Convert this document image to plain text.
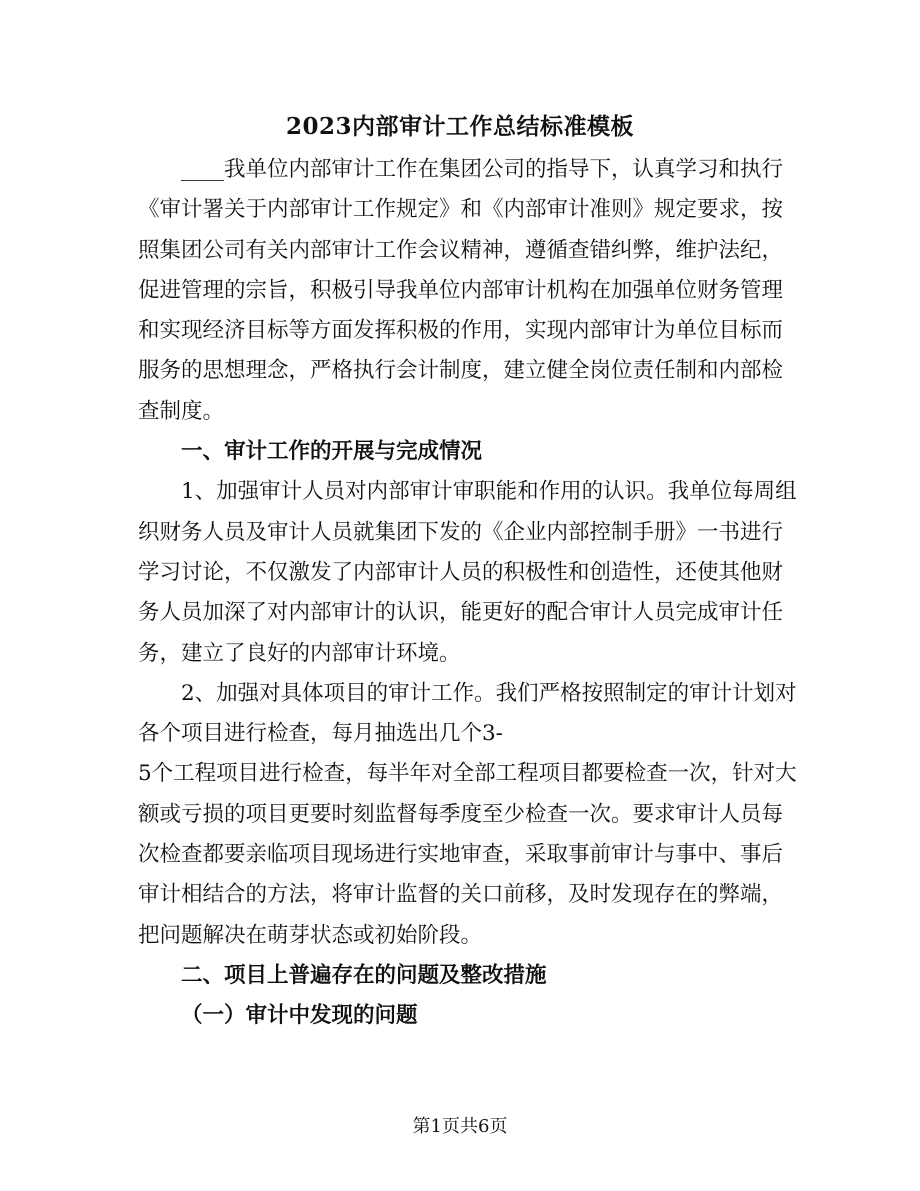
2023内部审计工作总结标准模板
____我单位内部审计工作在集团公司的指导下，认真学习和执行
《审计署关于内部审计工作规定》和《内部审计准则》规定要求，按
照集团公司有关内部审计工作会议精神，遵循查错纠弊，维护法纪，
促进管理的宗旨，积极引导我单位内部审计机构在加强单位财务管理
和实现经济目标等方面发挥积极的作用，实现内部审计为单位目标而
服务的思想理念，严格执行会计制度，建立健全岗位责任制和内部检
查制度。
一、审计工作的开展与完成情况
1、加强审计人员对内部审计审职能和作用的认识。我单位每周组
织财务人员及审计人员就集团下发的《企业内部控制手册》一书进行
学习讨论，不仅激发了内部审计人员的积极性和创造性，还使其他财
务人员加深了对内部审计的认识，能更好的配合审计人员完成审计任
务，建立了良好的内部审计环境。
2、加强对具体项目的审计工作。我们严格按照制定的审计计划对
各个项目进行检查，每月抽选出几个3-
5个工程项目进行检查，每半年对全部工程项目都要检查一次，针对大
额或亏损的项目更要时刻监督每季度至少检查一次。要求审计人员每
次检查都要亲临项目现场进行实地审查，采取事前审计与事中、事后
审计相结合的方法，将审计监督的关口前移，及时发现存在的弊端，
把问题解决在萌芽状态或初始阶段。
二、项目上普遍存在的问题及整改措施
（一）审计中发现的问题
第1页共6页
